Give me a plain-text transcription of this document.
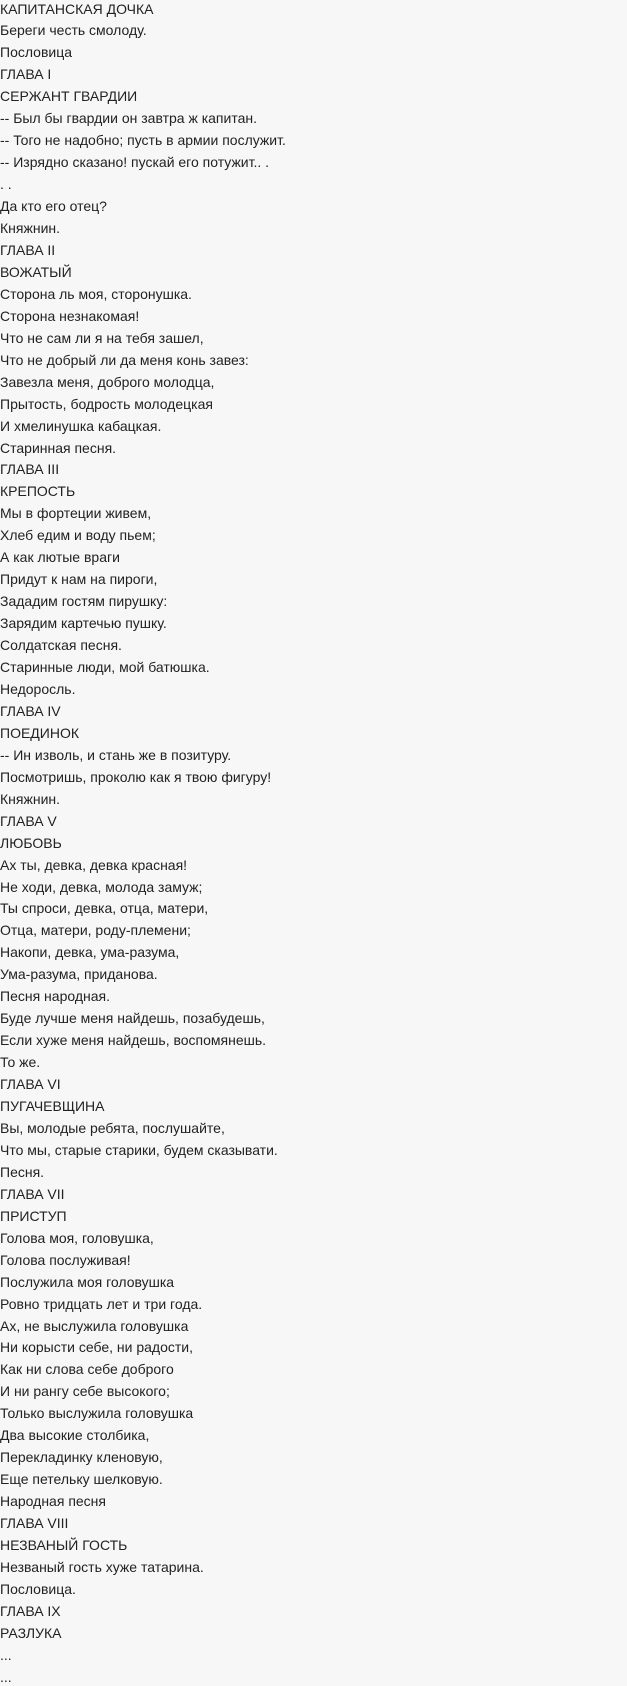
КАПИТАНСКАЯ ДОЧКА
Береги честь смолоду.
Пословица
ГЛАВА I
СЕРЖАНТ ГВАРДИИ
-- Был бы гвардии он завтра ж капитан.
-- Того не надобно; пусть в армии послужит.
-- Изрядно сказано! пускай его потужит.. .
. .
Да кто его отец?
Княжнин.
ГЛАВА II
ВОЖАТЫЙ
Сторона ль моя, сторонушка.
Сторона незнакомая!
Что не сам ли я на тебя зашел,
Что не добрый ли да меня конь завез:
Завезла меня, доброго молодца,
Прытость, бодрость молодецкая
И хмелинушка кабацкая.
Старинная песня.
ГЛАВА III
КРЕПОСТЬ
Мы в фортеции живем,
Хлеб едим и воду пьем;
А как лютые враги
Придут к нам на пироги,
Зададим гостям пирушку:
Зарядим картечью пушку.
Солдатская песня.
Старинные люди, мой батюшка.
Недоросль.
ГЛАВА IV
ПОЕДИНОК
-- Ин изволь, и стань же в позитуру.
Посмотришь, проколю как я твою фигуру!
Княжнин.
ГЛАВА V
ЛЮБОВЬ
Ах ты, девка, девка красная!
Не ходи, девка, молода замуж;
Ты спроси, девка, отца, матери,
Отца, матери, роду-племени;
Накопи, девка, ума-разума,
Ума-разума, приданова.
Песня народная.
Буде лучше меня найдешь, позабудешь,
Если хуже меня найдешь, воспомянешь.
То же.
ГЛАВА VI
ПУГАЧЕВЩИНА
Вы, молодые ребята, послушайте,
Что мы, старые старики, будем сказывати.
Песня.
ГЛАВА VII
ПРИСТУП
Голова моя, головушка,
Голова послуживая!
Послужила моя головушка
Ровно тридцать лет и три года.
Ах, не выслужила головушка
Ни корысти себе, ни радости,
Как ни слова себе доброго
И ни рангу себе высокого;
Только выслужила головушка
Два высокие столбика,
Перекладинку кленовую,
Еще петельку шелковую.
Народная песня
ГЛАВА VIII
НЕЗВАНЫЙ ГОСТЬ
Незваный гость хуже татарина.
Пословица.
ГЛАВА IX
РАЗЛУКА
...
...
